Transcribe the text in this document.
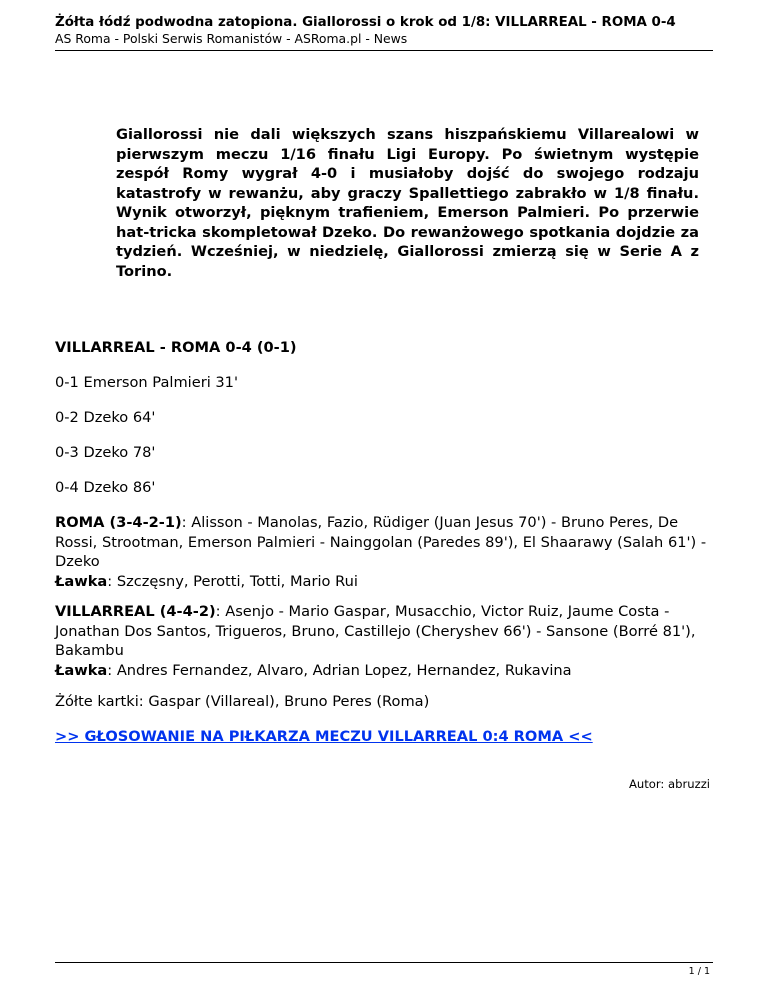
Żółta łódź podwodna zatopiona. Giallorossi o krok od 1/8: VILLARREAL - ROMA 0-4
AS Roma - Polski Serwis Romanistów - ASRoma.pl - News

Giallorossi nie dali większych szans hiszpańskiemu Villarealowi w pierwszym meczu 1/16 finału Ligi Europy. Po świetnym występie zespół Romy wygrał 4-0 i musiałoby dojść do swojego rodzaju katastrofy w rewanżu, aby graczy Spallettiego zabrakło w 1/8 finału. Wynik otworzył, pięknym trafieniem, Emerson Palmieri. Po przerwie hat-tricka skompletował Dzeko. Do rewanżowego spotkania dojdzie za tydzień. Wcześniej, w niedzielę, Giallorossi zmierzą się w Serie A z Torino.

VILLARREAL - ROMA 0-4 (0-1)

0-1 Emerson Palmieri 31'

0-2 Dzeko 64'

0-3 Dzeko 78'

0-4 Dzeko 86'

ROMA (3-4-2-1): Alisson - Manolas, Fazio, Rüdiger (Juan Jesus 70') - Bruno Peres, De Rossi, Strootman, Emerson Palmieri - Nainggolan (Paredes 89'), El Shaarawy (Salah 61') - Dzeko
Ławka: Szczęsny, Perotti, Totti, Mario Rui
VILLARREAL (4-4-2): Asenjo - Mario Gaspar, Musacchio, Victor Ruiz, Jaume Costa - Jonathan Dos Santos, Trigueros, Bruno, Castillejo (Cheryshev 66') - Sansone (Borré 81'), Bakambu
Ławka: Andres Fernandez, Alvaro, Adrian Lopez, Hernandez, Rukavina

Żółte kartki: Gaspar (Villareal), Bruno Peres (Roma)

>> GŁOSOWANIE NA PIŁKARZA MECZU VILLARREAL 0:4 ROMA <<

Autor: abruzzi
1 / 1
